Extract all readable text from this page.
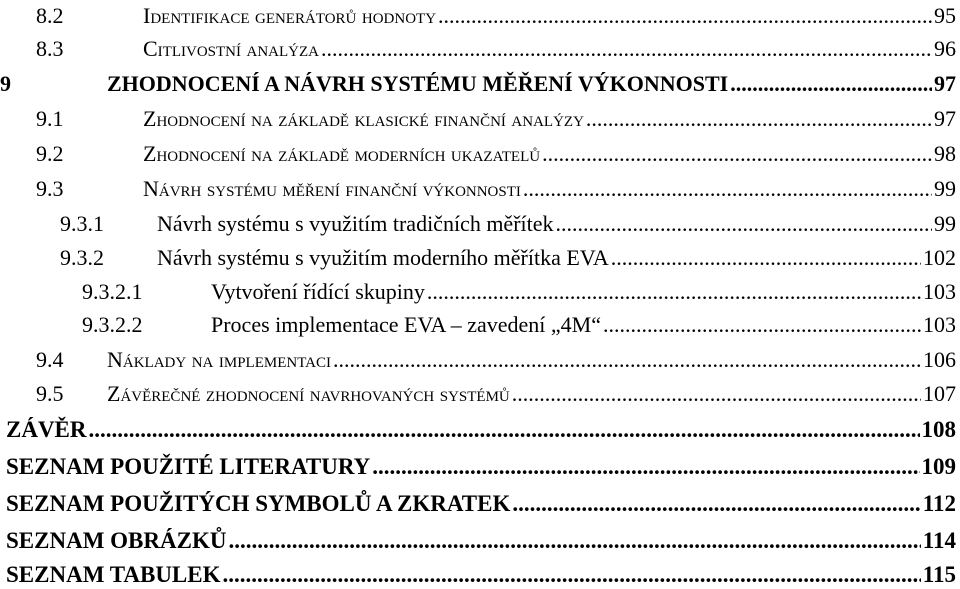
8.2	Identifikace generátorů hodnoty .....	95
8.3	Citlivostní analýza .....	96
9	ZHODNOCENÍ A NÁVRH SYSTÉMU MĚŘENÍ VÝKONNOSTI .....	97
9.1	Zhodnocení na základě klasické finanční analýzy .....	97
9.2	Zhodnocení na základě moderních ukazatelů .....	98
9.3	Návrh systému měření finanční výkonnosti .....	99
9.3.1	Návrh systému s využitím tradičních měřítek .....	99
9.3.2	Návrh systému s využitím moderního měřítka EVA .....	102
9.3.2.1	Vytvoření řídící skupiny .....	103
9.3.2.2	Proces implementace EVA – zavedení „4M“ .....	103
9.4	Náklady na implementaci .....	106
9.5	Závěrečné zhodnocení navrhovaných systémů .....	107
ZÁVĚR .....	108
SEZNAM POUŽITÉ LITERATURY .....	109
SEZNAM POUŽITÝCH SYMBOLŮ A ZKRATEK .....	112
SEZNAM OBRÁZKŮ .....	114
SEZNAM TABULEK .....	115
